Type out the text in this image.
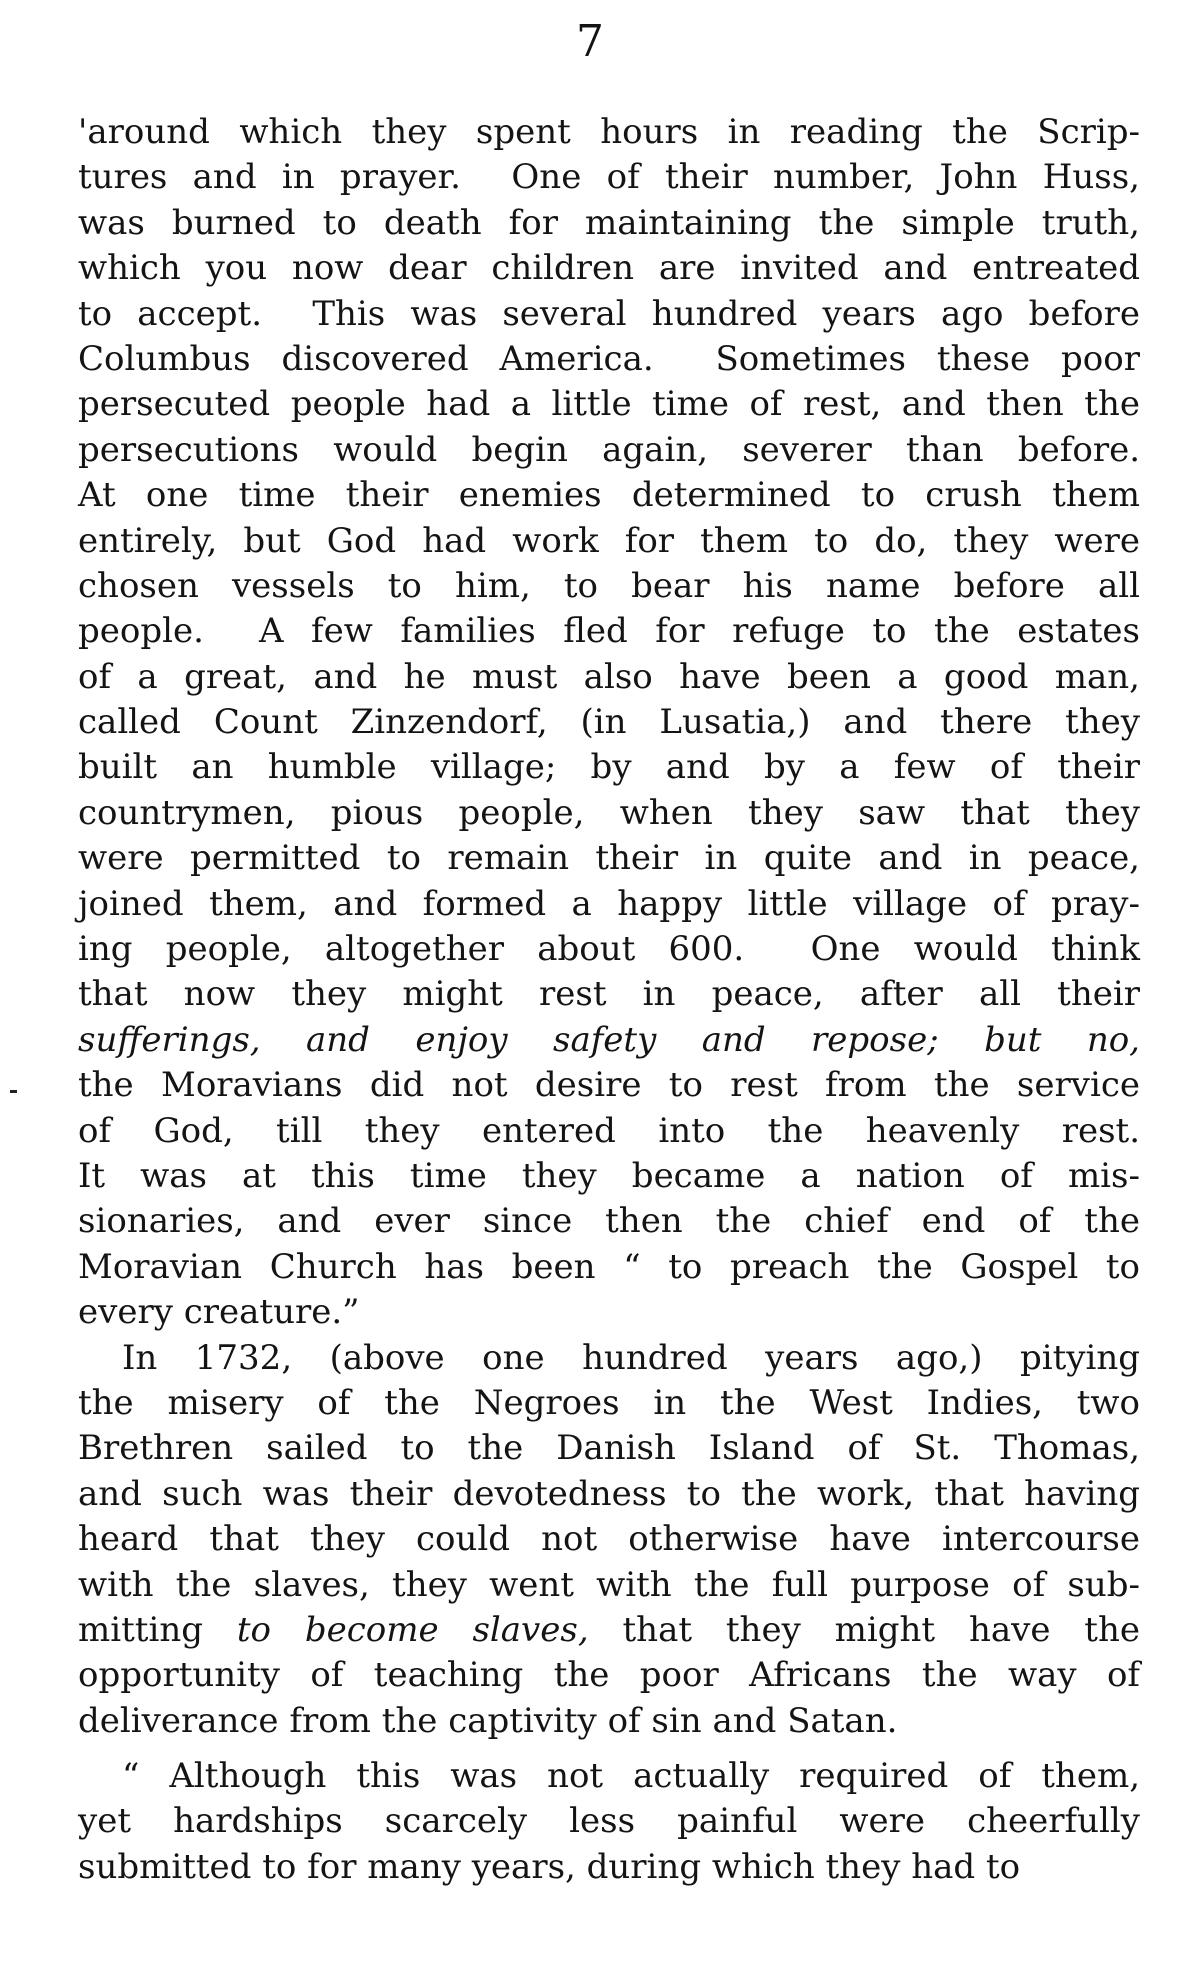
7
'around which they spent hours in reading the Scrip-
tures and in prayer.  One of their number, John Huss,
was burned to death for maintaining the simple truth,
which you now dear children are invited and entreated
to accept.  This was several hundred years ago before
Columbus discovered America.  Sometimes these poor
persecuted people had a little time of rest, and then the
persecutions would begin again, severer than before.
At one time their enemies determined to crush them
entirely, but God had work for them to do, they were
chosen vessels to him, to bear his name before all
people.  A few families fled for refuge to the estates
of a great, and he must also have been a good man,
called Count Zinzendorf, (in Lusatia,) and there they
built an humble village; by and by a few of their
countrymen, pious people, when they saw that they
were permitted to remain their in quite and in peace,
joined them, and formed a happy little village of pray-
ing people, altogether about 600.  One would think
that now they might rest in peace, after all their
sufferings, and enjoy safety and repose; but no,
the Moravians did not desire to rest from the service
of God, till they entered into the heavenly rest.
It was at this time they became a nation of mis-
sionaries, and ever since then the chief end of the
Moravian Church has been “ to preach the Gospel to
every creature.”
In 1732, (above one hundred years ago,) pitying
the misery of the Negroes in the West Indies, two
Brethren sailed to the Danish Island of St. Thomas,
and such was their devotedness to the work, that having
heard that they could not otherwise have intercourse
with the slaves, they went with the full purpose of sub-
mitting to become slaves, that they might have the
opportunity of teaching the poor Africans the way of
deliverance from the captivity of sin and Satan.
“ Although this was not actually required of them,
yet hardships scarcely less painful were cheerfully
submitted to for many years, during which they had to
